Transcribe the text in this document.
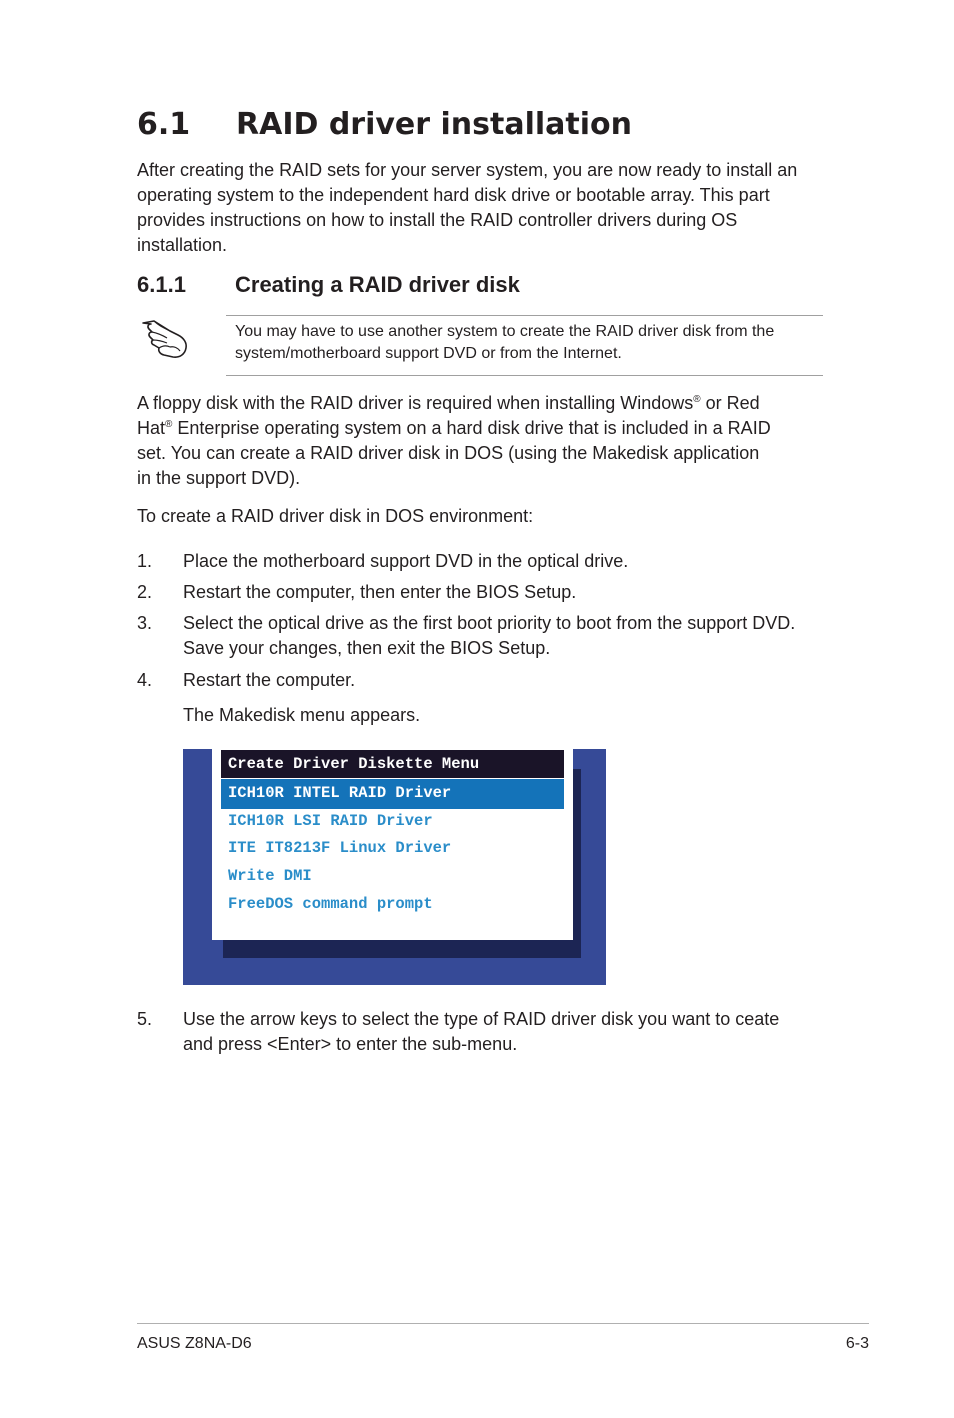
6.1 RAID driver installation

After creating the RAID sets for your server system, you are now ready to install an operating system to the independent hard disk drive or bootable array. This part provides instructions on how to install the RAID controller drivers during OS installation.

6.1.1 Creating a RAID driver disk
You may have to use another system to create the RAID driver disk from the system/motherboard support DVD or from the Internet.

A floppy disk with the RAID driver is required when installing Windows® or Red Hat® Enterprise operating system on a hard disk drive that is included in a RAID set. You can create a RAID driver disk in DOS (using the Makedisk application in the support DVD).

To create a RAID driver disk in DOS environment:

1. Place the motherboard support DVD in the optical drive.
2. Restart the computer, then enter the BIOS Setup.
3. Select the optical drive as the first boot priority to boot from the support DVD. Save your changes, then exit the BIOS Setup.
4. Restart the computer.
The Makedisk menu appears.
Create Driver Diskette Menu
ICH10R INTEL RAID Driver
ICH10R LSI RAID Driver
ITE IT8213F Linux Driver
Write DMI
FreeDOS command prompt
5. Use the arrow keys to select the type of RAID driver disk you want to ceate and press <Enter> to enter the sub-menu.
ASUS Z8NA-D6	6-3
